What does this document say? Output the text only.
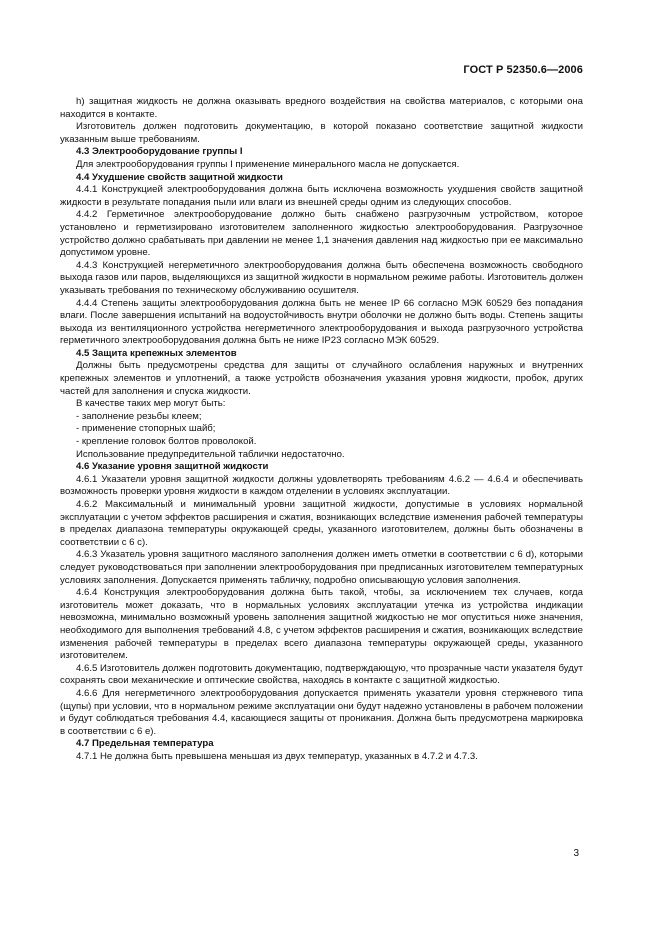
ГОСТ Р 52350.6—2006

h) защитная жидкость не должна оказывать вредного воздействия на свойства материалов, с которыми она находится в контакте.

Изготовитель должен подготовить документацию, в которой показано соответствие защитной жидкости указанным выше требованиям.

4.3 Электрооборудование группы I

Для электрооборудования группы I применение минерального масла не допускается.

4.4 Ухудшение свойств защитной жидкости

4.4.1 Конструкцией электрооборудования должна быть исключена возможность ухудшения свойств защитной жидкости в результате попадания пыли или влаги из внешней среды одним из следующих способов.

4.4.2 Герметичное электрооборудование должно быть снабжено разгрузочным устройством, которое установлено и герметизировано изготовителем заполненного жидкостью электрооборудования. Разгрузочное устройство должно срабатывать при давлении не менее 1,1 значения давления над жидкостью при ее максимально допустимом уровне.

4.4.3 Конструкцией негерметичного электрооборудования должна быть обеспечена возможность свободного выхода газов или паров, выделяющихся из защитной жидкости в нормальном режиме работы. Изготовитель должен указывать требования по техническому обслуживанию осушителя.

4.4.4 Степень защиты электрооборудования должна быть не менее IP 66 согласно МЭК 60529 без попадания влаги. После завершения испытаний на водоустойчивость внутри оболочки не должно быть воды. Степень защиты выхода из вентиляционного устройства негерметичного электрооборудования и выхода разгрузочного устройства герметичного электрооборудования должна быть не ниже IP23 согласно МЭК 60529.

4.5 Защита крепежных элементов

Должны быть предусмотрены средства для защиты от случайного ослабления наружных и внутренних крепежных элементов и уплотнений, а также устройств обозначения указания уровня жидкости, пробок, других частей для заполнения и спуска жидкости.

В качестве таких мер могут быть:

- заполнение резьбы клеем;

- применение стопорных шайб;

- крепление головок болтов проволокой.

Использование предупредительной таблички недостаточно.

4.6 Указание уровня защитной жидкости

4.6.1 Указатели уровня защитной жидкости должны удовлетворять требованиям 4.6.2 — 4.6.4 и обеспечивать возможность проверки уровня жидкости в каждом отделении в условиях эксплуатации.

4.6.2 Максимальный и минимальный уровни защитной жидкости, допустимые в условиях нормальной эксплуатации с учетом эффектов расширения и сжатия, возникающих вследствие изменения рабочей температуры в пределах диапазона температуры окружающей среды, указанного изготовителем, должны быть обозначены в соответствии с 6 с).

4.6.3 Указатель уровня защитного масляного заполнения должен иметь отметки в соответствии с 6 d), которыми следует руководствоваться при заполнении электрооборудования при предписанных изготовителем температурных условиях заполнения. Допускается применять табличку, подробно описывающую условия заполнения.

4.6.4 Конструкция электрооборудования должна быть такой, чтобы, за исключением тех случаев, когда изготовитель может доказать, что в нормальных условиях эксплуатации утечка из устройства индикации невозможна, минимально возможный уровень заполнения защитной жидкостью не мог опуститься ниже значения, необходимого для выполнения требований 4.8, с учетом эффектов расширения и сжатия, возникающих вследствие изменения рабочей температуры в пределах всего диапазона температуры окружающей среды, указанного изготовителем.

4.6.5 Изготовитель должен подготовить документацию, подтверждающую, что прозрачные части указателя будут сохранять свои механические и оптические свойства, находясь в контакте с защитной жидкостью.

4.6.6 Для негерметичного электрооборудования допускается применять указатели уровня стержневого типа (щупы) при условии, что в нормальном режиме эксплуатации они будут надежно установлены в рабочем положении и будут соблюдаться требования 4.4, касающиеся защиты от проникания. Должна быть предусмотрена маркировка в соответствии с 6 е).

4.7 Предельная температура

4.7.1 Не должна быть превышена меньшая из двух температур, указанных в 4.7.2 и 4.7.3.

3
